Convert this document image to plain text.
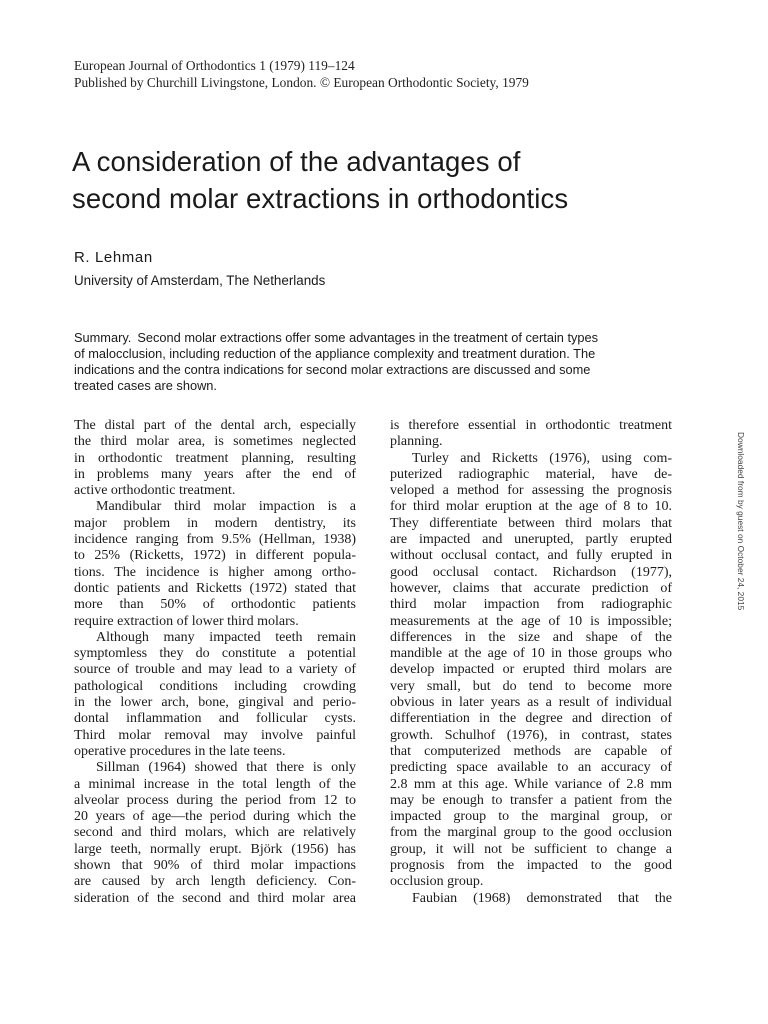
European Journal of Orthodontics 1 (1979) 119–124
Published by Churchill Livingstone, London. © European Orthodontic Society, 1979
A consideration of the advantages of
second molar extractions in orthodontics
R. Lehman
University of Amsterdam, The Netherlands
Summary. Second molar extractions offer some advantages in the treatment of certain types
of malocclusion, including reduction of the appliance complexity and treatment duration. The
indications and the contra indications for second molar extractions are discussed and some
treated cases are shown.
The distal part of the dental arch, especially
the third molar area, is sometimes neglected
in orthodontic treatment planning, resulting
in problems many years after the end of
active orthodontic treatment.
Mandibular third molar impaction is a
major problem in modern dentistry, its
incidence ranging from 9.5% (Hellman, 1938)
to 25% (Ricketts, 1972) in different popula-
tions. The incidence is higher among ortho-
dontic patients and Ricketts (1972) stated that
more than 50% of orthodontic patients
require extraction of lower third molars.
Although many impacted teeth remain
symptomless they do constitute a potential
source of trouble and may lead to a variety of
pathological conditions including crowding
in the lower arch, bone, gingival and perio-
dontal inflammation and follicular cysts.
Third molar removal may involve painful
operative procedures in the late teens.
Sillman (1964) showed that there is only
a minimal increase in the total length of the
alveolar process during the period from 12 to
20 years of age—the period during which the
second and third molars, which are relatively
large teeth, normally erupt. Björk (1956) has
shown that 90% of third molar impactions
are caused by arch length deficiency. Con-
sideration of the second and third molar area
is therefore essential in orthodontic treatment
planning.
Turley and Ricketts (1976), using com-
puterized radiographic material, have de-
veloped a method for assessing the prognosis
for third molar eruption at the age of 8 to 10.
They differentiate between third molars that
are impacted and unerupted, partly erupted
without occlusal contact, and fully erupted in
good occlusal contact. Richardson (1977),
however, claims that accurate prediction of
third molar impaction from radiographic
measurements at the age of 10 is impossible;
differences in the size and shape of the
mandible at the age of 10 in those groups who
develop impacted or erupted third molars are
very small, but do tend to become more
obvious in later years as a result of individual
differentiation in the degree and direction of
growth. Schulhof (1976), in contrast, states
that computerized methods are capable of
predicting space available to an accuracy of
2.8 mm at this age. While variance of 2.8 mm
may be enough to transfer a patient from the
impacted group to the marginal group, or
from the marginal group to the good occlusion
group, it will not be sufficient to change a
prognosis from the impacted to the good
occlusion group.
Faubian (1968) demonstrated that the
Downloaded from by guest on October 24, 2015
